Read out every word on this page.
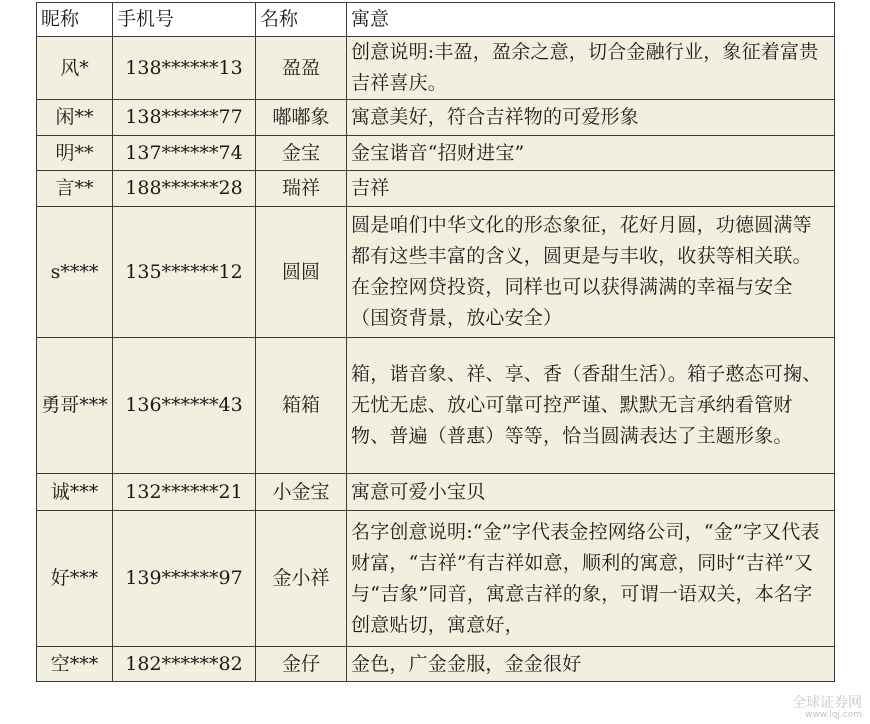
昵称	手机号	名称	寓意
风*	138******13	盈盈	创意说明:丰盈，盈余之意，切合金融行业，象征着富贵吉祥喜庆。
闲**	138******77	嘟嘟象	寓意美好，符合吉祥物的可爱形象
明**	137******74	金宝	金宝谐音“招财进宝”
言**	188******28	瑞祥	吉祥
s****	135******12	圆圆	圆是咱们中华文化的形态象征，花好月圆，功德圆满等都有这些丰富的含义，圆更是与丰收，收获等相关联。在金控网贷投资，同样也可以获得满满的幸福与安全（国资背景，放心安全）
勇哥***	136******43	箱箱	箱，谐音象、祥、享、香（香甜生活）。箱子憨态可掬、无忧无虑、放心可靠可控严谨、默默无言承纳看管财物、普遍（普惠）等等，恰当圆满表达了主题形象。
诚***	132******21	小金宝	寓意可爱小宝贝
好***	139******97	金小祥	名字创意说明:“金”字代表金控网络公司，“金”字又代表财富，“吉祥”有吉祥如意，顺利的寓意，同时“吉祥”又与“吉象”同音，寓意吉祥的象，可谓一语双关，本名字创意贴切，寓意好，
空***	182******82	金仔	金色，广金金服，金金很好
全球证券网
www.lqj.com
